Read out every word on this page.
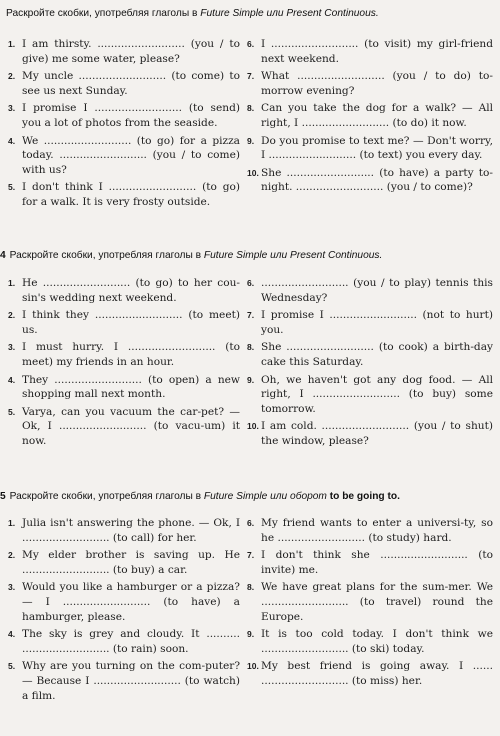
Раскройте скобки, употребляя глаголы в Future Simple или Present Continuous.
1. I am thirsty. .......................... (you / to give) me some water, please?
2. My uncle .......................... (to come) to see us next Sunday.
3. I promise I .......................... (to send) you a lot of photos from the seaside.
4. We .......................... (to go) for a pizza today. .......................... (you / to come) with us?
5. I don't think I .......................... (to go) for a walk. It is very frosty outside.
6. I .......................... (to visit) my girl-friend next weekend.
7. What .......................... (you / to do) to-morrow evening?
8. Can you take the dog for a walk? — All right, I .......................... (to do) it now.
9. Do you promise to text me? — Don't worry, I .......................... (to text) you every day.
10. She .......................... (to have) a party to-night. .......................... (you / to come)?
4 Раскройте скобки, употребляя глаголы в Future Simple или Present Continuous.
1. He .......................... (to go) to her cou-sin's wedding next weekend.
2. I think they .......................... (to meet) us.
3. I must hurry. I .......................... (to meet) my friends in an hour.
4. They .......................... (to open) a new shopping mall next month.
5. Varya, can you vacuum the car-pet? — Ok, I .......................... (to vacu-um) it now.
6. .......................... (you / to play) tennis this Wednesday?
7. I promise I .......................... (not to hurt) you.
8. She .......................... (to cook) a birth-day cake this Saturday.
9. Oh, we haven't got any dog food. — All right, I .......................... (to buy) some tomorrow.
10. I am cold. .......................... (you / to shut) the window, please?
5 Раскройте скобки, употребляя глаголы в Future Simple или оборот to be going to.
1. Julia isn't answering the phone. — Ok, I .......................... (to call) for her.
2. My elder brother is saving up. He .......................... (to buy) a car.
3. Would you like a hamburger or a pizza? — I .......................... (to have) a hamburger, please.
4. The sky is grey and cloudy. It .......... .......................... (to rain) soon.
5. Why are you turning on the com-puter? — Because I .......................... (to watch) a film.
6. My friend wants to enter a universi-ty, so he .......................... (to study) hard.
7. I don't think she .......................... (to invite) me.
8. We have great plans for the sum-mer. We .......................... (to travel) round the Europe.
9. It is too cold today. I don't think we .......................... (to ski) today.
10. My best friend is going away. I ...... .......................... (to miss) her.
